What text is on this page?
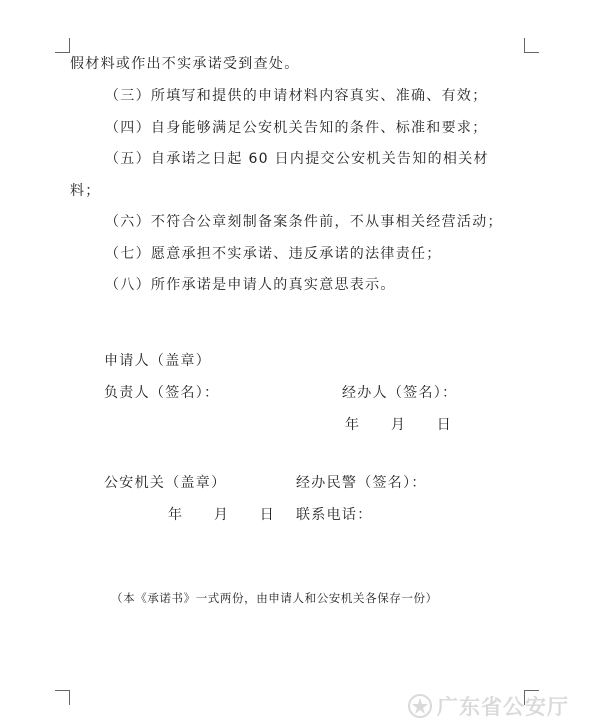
假材料或作出不实承诺受到查处。
（三）所填写和提供的申请材料内容真实、准确、有效；
（四）自身能够满足公安机关告知的条件、标准和要求；
（五）自承诺之日起 60 日内提交公安机关告知的相关材
料；
（六）不符合公章刻制备案条件前，不从事相关经营活动；
（七）愿意承担不实承诺、违反承诺的法律责任；
（八）所作承诺是申请人的真实意思表示。
申请人（盖章）
负责人（签名）：	经办人（签名）：
年　　月　　日
公安机关（盖章）	经办民警（签名）：
年　　月　　日 联系电话：
（本《承诺书》一式两份，由申请人和公安机关各保存一份）
广东省公安厅
